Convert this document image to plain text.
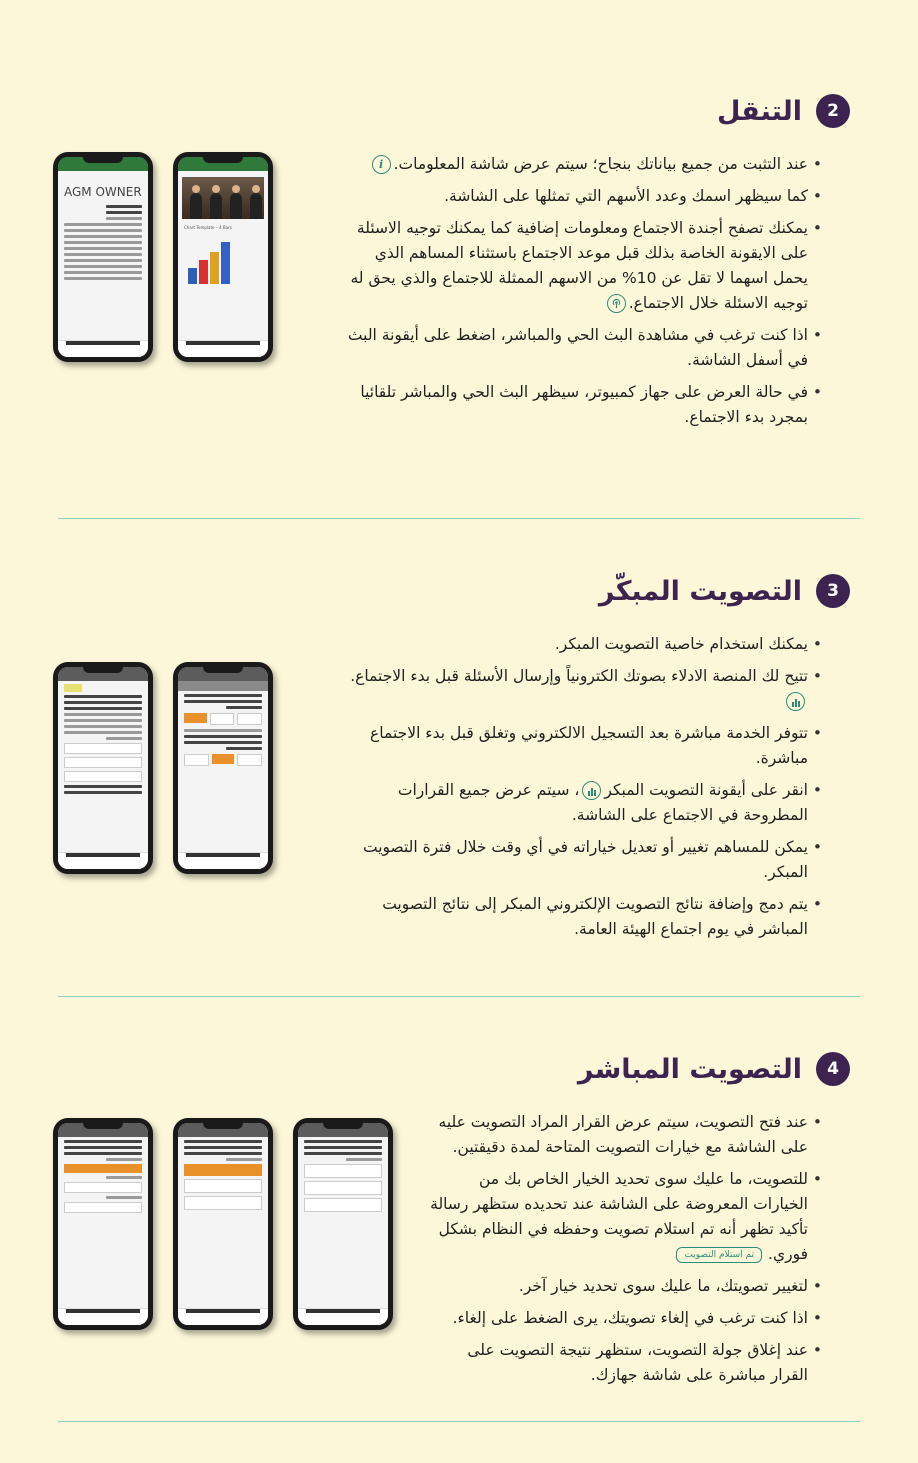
2
التنقل
• عند التثبت من جميع بياناتك بنجاح؛ سيتم عرض شاشة المعلومات.i
• كما سيظهر اسمك وعدد الأسهم التي تمثلها على الشاشة.
• يمكنك تصفح أجندة الاجتماع ومعلومات إضافية كما يمكنك توجيه الاسئلة على الايقونة الخاصة بذلك قبل موعد الاجتماع باستثناء المساهم الذي يحمل اسهما لا تقل عن 10% من الاسهم الممثلة للاجتماع والذي يحق له توجيه الاسئلة خلال الاجتماع.
• اذا كنت ترغب في مشاهدة البث الحي والمباشر، اضغط على أيقونة البث في أسفل الشاشة.
• في حالة العرض على جهاز كمبيوتر، سيظهر البث الحي والمباشر تلقائيا بمجرد بدء الاجتماع.
AGM OWNER
Chart Template – 4 Bars
3
التصويت المبكّر
• يمكنك استخدام خاصية التصويت المبكر.
• تتيح لك المنصة الادلاء بصوتك الكترونياً وإرسال الأسئلة قبل بدء الاجتماع.
• تتوفر الخدمة مباشرة بعد التسجيل الالكتروني وتغلق قبل بدء الاجتماع مباشرة.
• انقر على أيقونة التصويت المبكر
، سيتم عرض جميع القرارات المطروحة في الاجتماع على الشاشة.
• يمكن للمساهم تغيير أو تعديل خياراته في أي وقت خلال فترة التصويت المبكر.
• يتم دمج وإضافة نتائج التصويت الإلكتروني المبكر إلى نتائج التصويت المباشر في يوم اجتماع الهيئة العامة.
4
التصويت المباشر
• عند فتح التصويت، سيتم عرض القرار المراد التصويت عليه على الشاشة مع خيارات التصويت المتاحة لمدة دقيقتين.
• للتصويت، ما عليك سوى تحديد الخيار الخاص بك من الخيارات المعروضة على الشاشة عند تحديده ستظهر رسالة تأكيد تظهر أنه تم استلام تصويت وحفظه في النظام بشكل فوري.تم استلام التصويت
• لتغيير تصويتك، ما عليك سوى تحديد خيار آخر.
• اذا كنت ترغب في إلغاء تصويتك، يرى الضغط على إلغاء.
• عند إغلاق جولة التصويت، ستظهر نتيجة التصويت على القرار مباشرة على شاشة جهازك.
